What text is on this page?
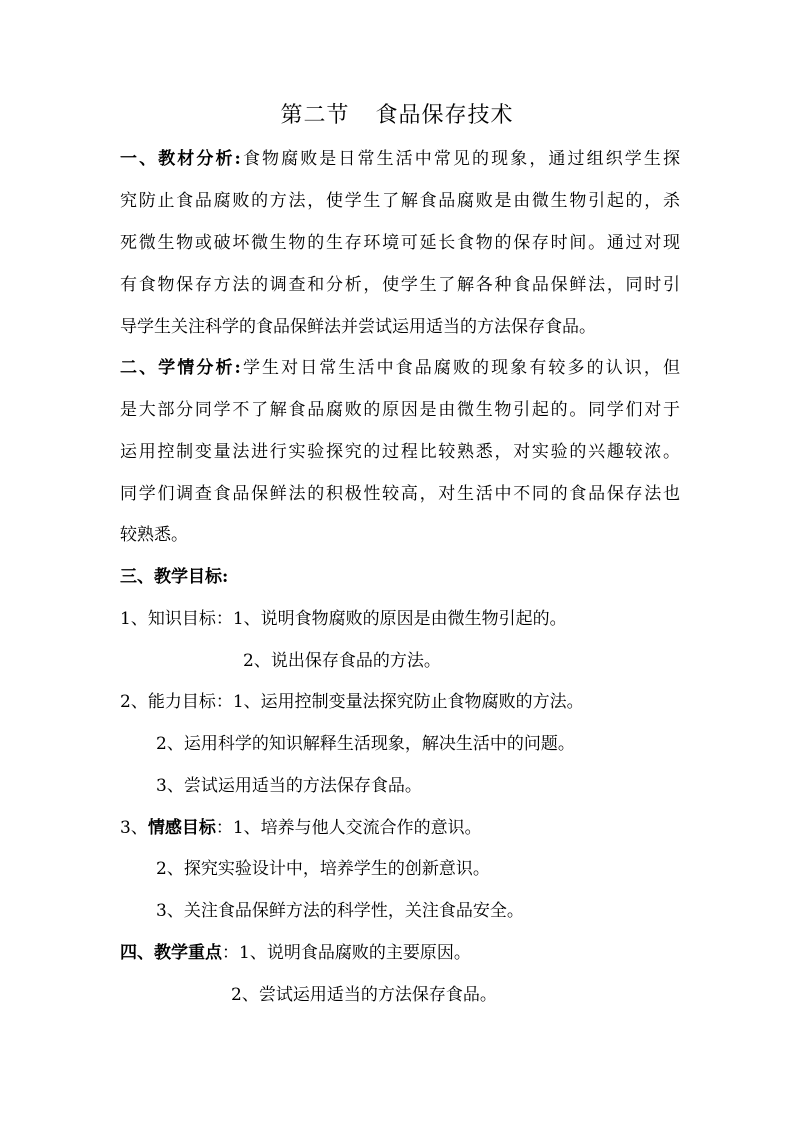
第二节 食品保存技术
一、教材分析:食物腐败是日常生活中常见的现象，通过组织学生探
究防止食品腐败的方法，使学生了解食品腐败是由微生物引起的，杀
死微生物或破坏微生物的生存环境可延长食物的保存时间。通过对现
有食物保存方法的调查和分析，使学生了解各种食品保鲜法，同时引
导学生关注科学的食品保鲜法并尝试运用适当的方法保存食品。
二、学情分析:学生对日常生活中食品腐败的现象有较多的认识，但
是大部分同学不了解食品腐败的原因是由微生物引起的。同学们对于
运用控制变量法进行实验探究的过程比较熟悉，对实验的兴趣较浓。
同学们调查食品保鲜法的积极性较高，对生活中不同的食品保存法也
较熟悉。
三、教学目标:
1、知识目标：1、说明食物腐败的原因是由微生物引起的。
2、说出保存食品的方法。
2、能力目标：1、运用控制变量法探究防止食物腐败的方法。
2、运用科学的知识解释生活现象，解决生活中的问题。
3、尝试运用适当的方法保存食品。
3、情感目标：1、培养与他人交流合作的意识。
2、探究实验设计中，培养学生的创新意识。
3、关注食品保鲜方法的科学性，关注食品安全。
四、教学重点：1、说明食品腐败的主要原因。
2、尝试运用适当的方法保存食品。
